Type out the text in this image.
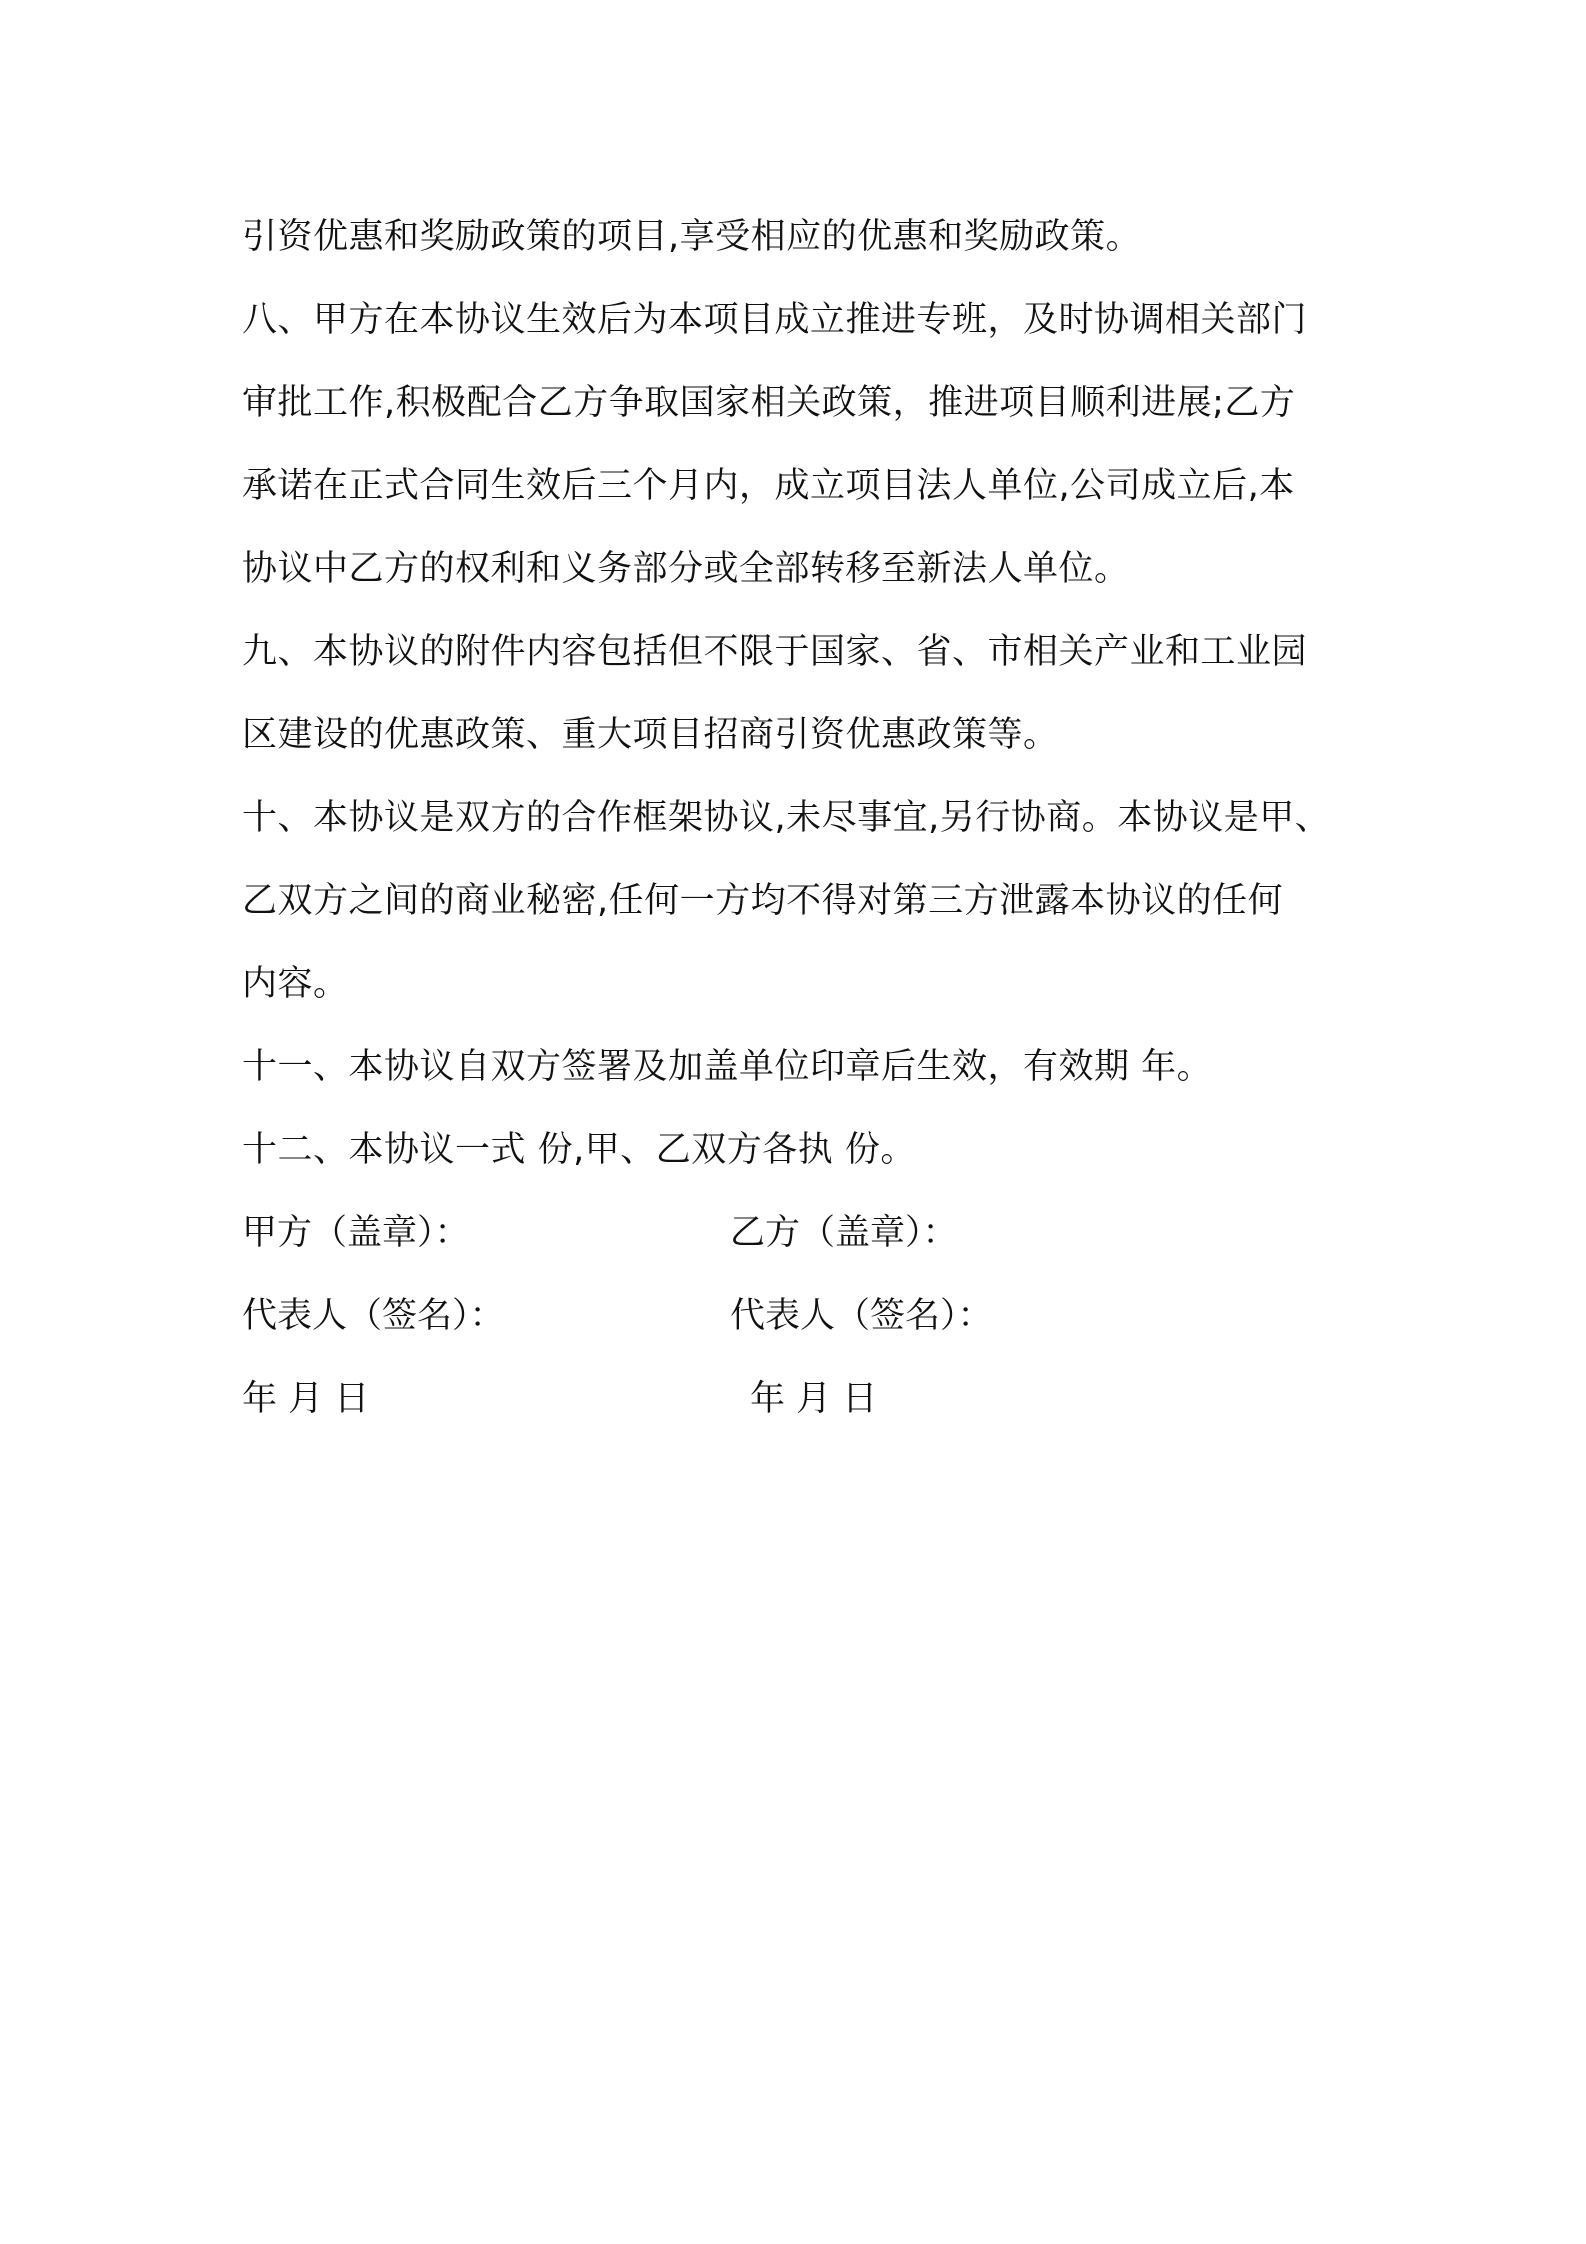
引资优惠和奖励政策的项目,享受相应的优惠和奖励政策。
八、甲方在本协议生效后为本项目成立推进专班，及时协调相关部门
审批工作,积极配合乙方争取国家相关政策，推进项目顺利进展;乙方
承诺在正式合同生效后三个月内，成立项目法人单位,公司成立后,本
协议中乙方的权利和义务部分或全部转移至新法人单位。
九、本协议的附件内容包括但不限于国家、省、市相关产业和工业园
区建设的优惠政策、重大项目招商引资优惠政策等。
十、本协议是双方的合作框架协议,未尽事宜,另行协商。本协议是甲、
乙双方之间的商业秘密,任何一方均不得对第三方泄露本协议的任何
内容。
十一、本协议自双方签署及加盖单位印章后生效，有效期 年。
十二、本协议一式 份,甲、乙双方各执 份。
甲方（盖章）：	乙方（盖章）：
代表人（签名）：	代表人（签名）：
年 月 日	年 月 日
